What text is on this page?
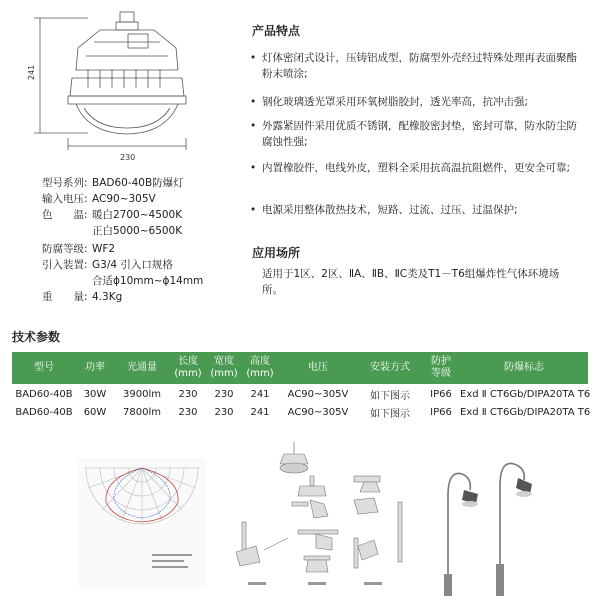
241
230
型号系列: BAD60-40B防爆灯
输入电压: AC90~305V
色　　温: 暖白2700~4500K
正白5000~6500K
防腐等级: WF2
引入装置: G3/4 引入口规格
合适ϕ10mm~ϕ14mm
重　　量: 4.3Kg
产品特点
• 灯体密闭式设计，压铸铝成型，防腐型外壳经过特殊处理再表面聚酯粉末喷涂;
• 钢化玻璃透光罩采用环氧树脂胶封，透光率高，抗冲击强;
• 外露紧固件采用优质不锈钢，配橡胶密封垫，密封可靠，防水防尘防腐蚀性强;
• 内置橡胶件，电线外皮，塑料全采用抗高温抗阻燃件，更安全可靠;
• 电源采用整体散热技术，短路、过流、过压、过温保护;
应用场所
适用于1区、2区、ⅡA、ⅡB、ⅡC类及T1－T6组爆炸性气体环境场所。
技术参数
型号	功率	光通量	长度
(mm)	宽度
(mm)	高度
(mm)	电压	安装方式	防护
等级	防爆标志
BAD60-40B	30W	3900lm	230	230	241	AC90~305V	如下图示	IP66	Exd Ⅱ CT6Gb/DIPA20TA T6
BAD60-40B	60W	7800lm	230	230	241	AC90~305V	如下图示	IP66	Exd Ⅱ CT6Gb/DIPA20TA T6
